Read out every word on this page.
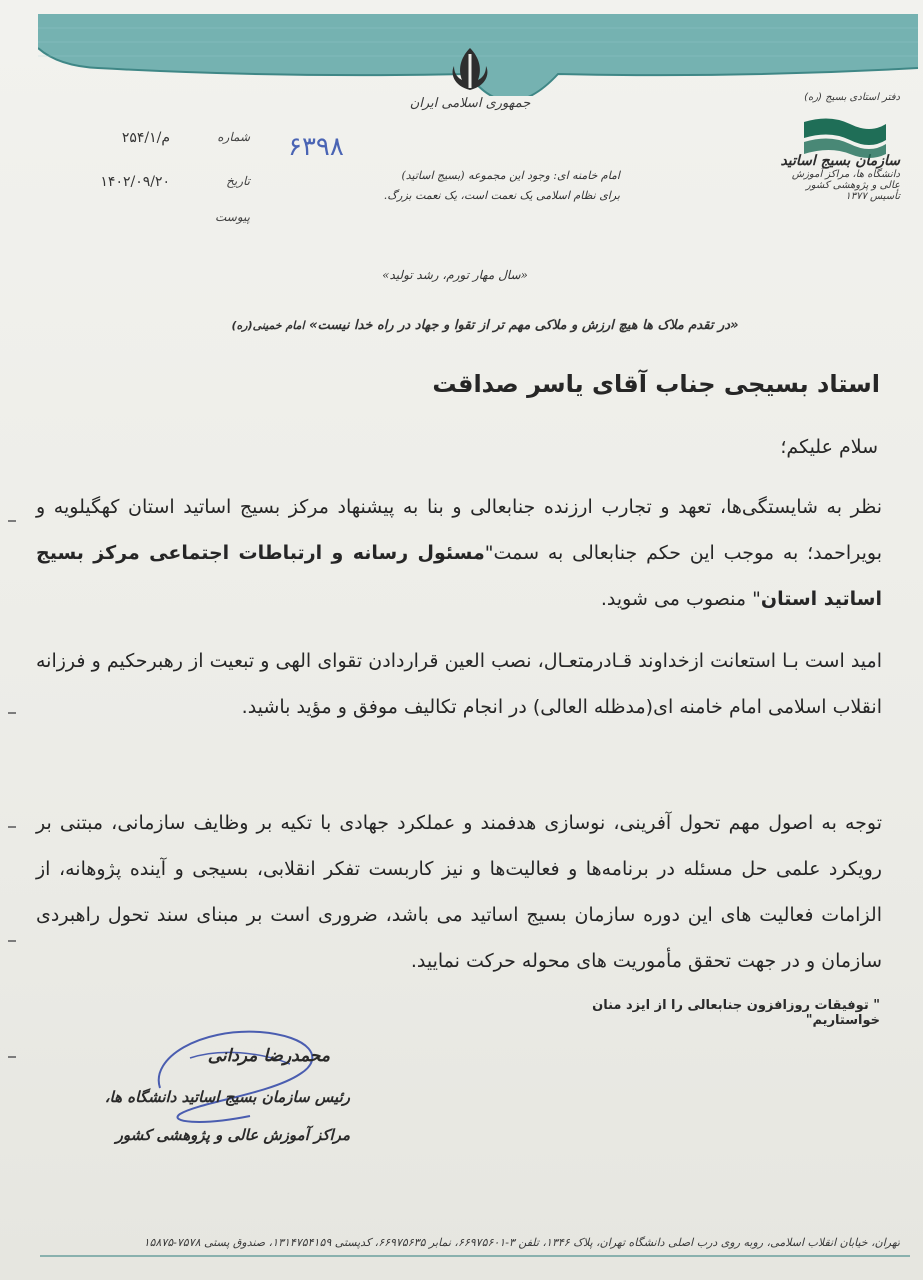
جمهوری اسلامی ایران	دفتر استادی بسیج (ره)
سازمان بسیج اساتید
دانشگاه ها، مراکز آموزش عالی و پژوهشی کشور
تأسیس ۱۳۷۷
شماره
۲۵۴/۱/م
تاریخ
۱۴۰۲/۰۹/۲۰
پیوست
۶۳۹۸
امام خامنه ای: وجود این مجموعه (بسیج اساتید)
برای نظام اسلامی یک نعمت است، یک نعمت بزرگ.
«سال مهار تورم، رشد تولید»
«در تقدم ملاک ها هیچ ارزش و ملاکی مهم تر از تقوا و جهاد در راه خدا نیست» امام خمینی(ره)
استاد بسیجی جناب آقای یاسر صداقت
سلام علیکم؛
نظر به شایستگی‌ها، تعهد و تجارب ارزنده جنابعالی و بنا به پیشنهاد مرکز بسیج اساتید استان کهگیلویه و بویراحمد؛ به موجب این حکم جنابعالی به سمت"مسئول رسانه و ارتباطات اجتماعی مرکز بسیج اساتید استان" منصوب می شوید.
امید است بـا استعانت ازخداوند قـادرمتعـال، نصب العین قراردادن تقوای الهی و تبعیت از رهبرحکیم و فرزانه انقلاب اسلامی امام خامنه ای(مدظله العالی) در انجام تکالیف موفق و مؤید باشید.
توجه به اصول مهم تحول آفرینی، نوسازی هدفمند و عملکرد جهادی با تکیه بر وظایف سازمانی، مبتنی بر رویکرد علمی حل مسئله در برنامه‌ها و فعالیت‌ها و نیز کاربست تفکر انقلابی، بسیجی و آینده پژوهانه، از الزامات فعالیت های این دوره سازمان بسیج اساتید می باشد، ضروری است بر مبنای سند تحول راهبردی سازمان و در جهت تحقق مأموریت های محوله حرکت نمایید.
" توفیقات روزافزون جنابعالی را از ایزد منان خواستاریم"
محمدرضا مردانی
رئیس سازمان بسیج اساتید دانشگاه ها،
مراکز آموزش عالی و پژوهشی کشور
تهران، خیابان انقلاب اسلامی، روبه روی درب اصلی دانشگاه تهران، پلاک ۱۳۴۶، تلفن ۳-۶۶۹۷۵۶۰۱، نمابر ۶۶۹۷۵۶۳۵، کدپستی ۱۳۱۴۷۵۴۱۵۹، صندوق پستی ۷۵۷۸-۱۵۸۷۵
